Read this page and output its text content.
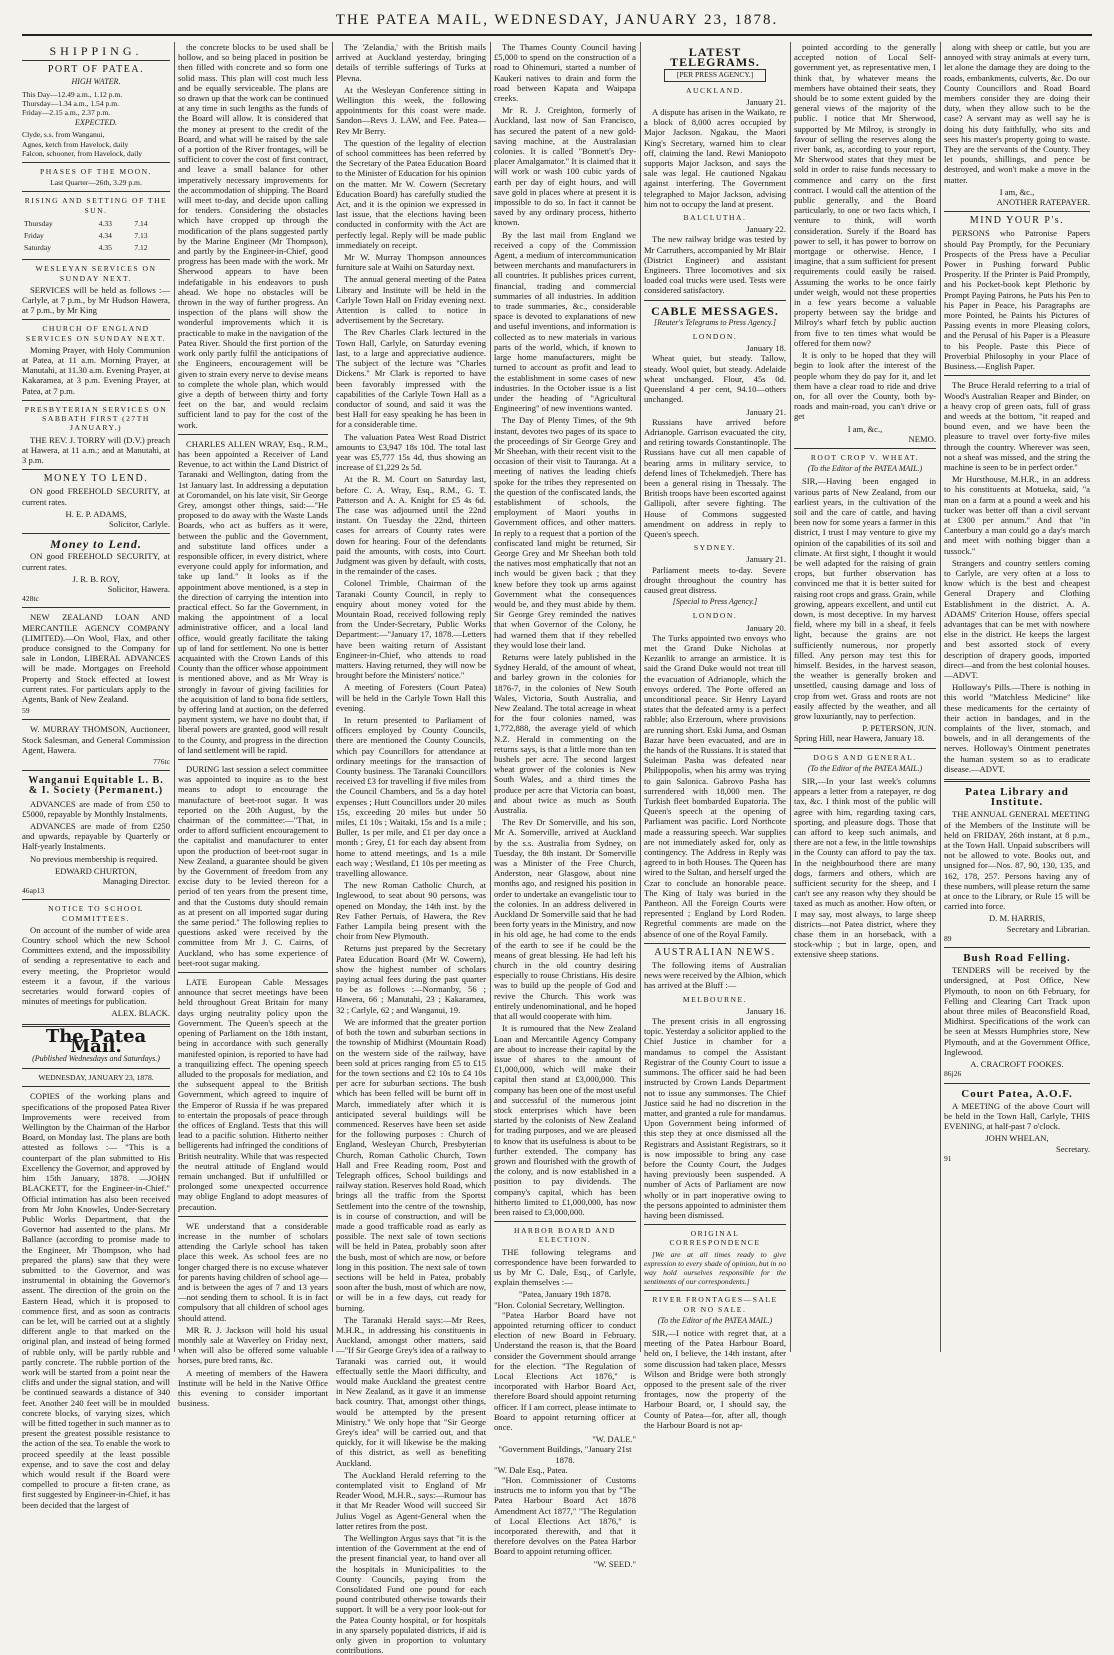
THE PATEA MAIL, WEDNESDAY, JANUARY 23, 1878.
SHIPPING.
PORT OF PATEA.
HIGH WATER.
This Day—12.49 a.m., 1.12 p.m.
Thursday—1.34 a.m., 1.54 p.m.
Friday—2.15 a.m., 2.37 p.m.
EXPECTED.
Clyde, s.s. from Wanganui,
Agnes, ketch from Havelock, daily
Falcon, schooner, from Havelock, daily
PHASES OF THE MOON.
Last Quarter—26th, 3.29 p.m.
RISING AND SETTING OF THE SUN.
Thursday	4.33	7.14
Friday	4.34	7.13
Saturday	4.35	7.12
WESLEYAN SERVICES ON SUNDAY NEXT.

SERVICES will be held as follows :— Carlyle, at 7 p.m., by Mr Hudson Hawera, at 7 p.m., by Mr King

CHURCH OF ENGLAND SERVICES ON SUNDAY NEXT.

Morning Prayer, with Holy Communion at Patea, at 11 a.m. Morning Prayer, at Manutahi, at 11.30 a.m. Evening Prayer, at Kakaramea, at 3 p.m. Evening Prayer, at Patea, at 7 p.m.

PRESBYTERIAN SERVICES ON SABBATH FIRST (27TH JANUARY.)

THE REV. J. TORRY will (D.V.) preach at Hawera, at 11 a.m.; and at Manutahi, at 3 p.m.

MONEY TO LEND.

ON good FREEHOLD SECURITY, at current rates.

H. E. P. ADAMS,
Solicitor, Carlyle.
Money to Lend.

ON good FREEHOLD SECURITY, at current rates.

J. R. B. ROY,
Solicitor, Hawera.
428tc

NEW ZEALAND LOAN AND MERCANTILE AGENCY COMPANY (LIMITED).—On Wool, Flax, and other produce consigned to the Company for sale in London, LIBERAL ADVANCES will be made. Mortgages on Freehold Property and Stock effected at lowest current rates. For particulars apply to the Agents, Bank of New Zealand.

59

W. MURRAY THOMSON, Auctioneer, Stock Salesman, and General Commission Agent, Hawera.

776tc
Wanganui Equitable L. B. & I. Society (Permanent.)

ADVANCES are made of from £50 to £5000, repayable by Monthly Instalments.

ADVANCES are made of from £250 and upwards, repayable by Quarterly or Half-yearly Instalments.

No previous membership is required.

EDWARD CHURTON,
Managing Director.
46ap13
NOTICE TO SCHOOL COMMITTEES.

On account of the number of wide area Country school which the new School Committees extend, and the impossibility of sending a representative to each and every meeting, the Proprietor would esteem it a favour, if the various secretaries would forward copies of minutes of meetings for publication.

ALEX. BLACK.
The Patea Mail.
(Published Wednesdays and Saturdays.)
WEDNESDAY, JANUARY 23, 1878.

COPIES of the working plans and specifications of the proposed Patea River Improvements were received from Wellington by the Chairman of the Harbor Board, on Monday last. The plans are both attested as follows :— "This is a counterpart of the plan submitted to His Excellency the Governor, and approved by him 15th January, 1878. —JOHN BLACKETT, for the Engineer-in-Chief." Official intimation has also been received from Mr John Knowles, Under-Secretary Public Works Department, that the Governor had assented to the plans. Mr Ballance (according to promise made to the Engineer, Mr Thompson, who had prepared the plans) saw that they were submitted to the Governor, and was instrumental in obtaining the Governor's assent. The direction of the groin on the Eastern Head, which it is proposed to commence first, and as soon as contracts can be let, will be carried out at a slightly different angle to that marked on the original plan, and instead of being formed of rubble only, will be partly rubble and partly concrete. The rubble portion of the work will be started from a point near the cliffs and under the signal station, and will be continued seawards a distance of 340 feet. Another 240 feet will be in moulded concrete blocks, of varying sizes, which will be fitted together in such manner as to present the greatest possible resistance to the action of the sea. To enable the work to proceed speedily at the least possible expense, and to save the cost and delay which would result if the Board were compelled to procure a fit-ten crane, as first suggested by Engineer-in-Chief, it has been decided that the largest of

the concrete blocks to be used shall be hollow, and so being placed in position be then filled with concrete and so form one solid mass. This plan will cost much less and be equally serviceable. The plans are so drawn up that the work can be continued at any time in such lengths as the funds of the Board will allow. It is considered that the money at present to the credit of the Board, and what will be raised by the sale of a portion of the River frontages, will be sufficient to cover the cost of first contract, and leave a small balance for other imperatively necessary improvements for the accommodation of shipping. The Board will meet to-day, and decide upon calling for tenders. Considering the obstacles which have cropped up through the modification of the plans suggested partly by the Marine Engineer (Mr Thompson), and partly by the Engineer-in-Chief, good progress has been made with the work. Mr Sherwood appears to have been indefatigable in his endeavors to push ahead. We hope no obstacles will be thrown in the way of further progress. An inspection of the plans will show the wonderful improvements which it is practicable to make in the navigation of the Patea River. Should the first portion of the work only partly fulfil the anticipations of the Engineers, encouragement will be given to strain every nerve to devise means to complete the whole plan, which would give a depth of between thirty and forty feet on the bar, and would reclaim sufficient land to pay for the cost of the work.

CHARLES ALLEN WRAY, Esq., R.M., has been appointed a Receiver of Land Revenue, to act within the Land District of Taranaki and Wellington, dating from the 1st January last. In addressing a deputation at Coromandel, on his late visit, Sir George Grey, amongst other things, said:—"He proposed to do away with the Waste Lands Boards, who act as buffers as it were, between the public and the Government, and substitute land offices under a responsible officer, in every district, where everyone could apply for information, and take up land." It looks as if the appointment above mentioned, is a step in the direction of carrying the intention into practical effect. So far the Government, in making the appointment of a local administrative officer, and a local land office, would greatly facilitate the taking up of land for settlement. No one is better acquainted with the Crown Lands of this County than the officer whose appointment is mentioned above, and as Mr Wray is strongly in favour of giving facilities for the acquisition of land to bona fide settlers, by offering land at auction, on the deferred payment system, we have no doubt that, if liberal powers are granted, good will result to the County, and progress in the direction of land settlement will be rapid.

DURING last session a select committee was appointed to inquire as to the best means to adopt to encourage the manufacture of beet-root sugar. It was reported on the 20th August, by the chairman of the committee:—"That, in order to afford sufficient encouragement to the capitalist and manufacturer to enter upon the production of beet-root sugar in New Zealand, a guarantee should be given by the Government of freedom from any excise duty to be levied thereon for a period of ten years from the present time, and that the Customs duty should remain as at present on all imported sugar during the same period." The following replies to questions asked were received by the committee from Mr J. C. Cairns, of Auckland, who has some experience of beet-root sugar making.

LATE European Cable Messages announce that secret meetings have been held throughout Great Britain for many days urging neutrality policy upon the Government. The Queen's speech at the opening of Parliament on the 18th instant, being in accordance with such generally manifested opinion, is reported to have had a tranquilizing effect. The opening speech alluded to the proposals for mediation, and the subsequent appeal to the British Government, which agreed to inquire of the Emperor of Russia if he was prepared to entertain the proposals of peace through the offices of England. Tests that this will lead to a pacific solution. Hitherto neither belligerents had infringed the conditions of British neutrality. While that was respected the neutral attitude of England would remain unchanged. But if unfulfilled or prolonged some unexpected occurrence may oblige England to adopt measures of precaution.

WE understand that a considerable increase in the number of scholars attending the Carlyle school has taken place this week. As school fees are no longer charged there is no excuse whatever for parents having children of school age—and is between the ages of 7 and 13 years—not sending them to school. It is in fact compulsory that all children of school ages should attend.

MR R. J. Jackson will hold his usual monthly sale at Waverley on Friday next, when will also be offered some valuable horses, pure bred rams, &c.

A meeting of members of the Hawera Institute will be held in the Native Office this evening to consider important business.

The 'Zelandia,' with the British mails arrived at Auckland yesterday, bringing details of terrible sufferings of Turks at Plevna.

At the Wesleyan Conference sitting in Wellington this week, the following appointments for this coast were made. Sandon—Revs J. LAW, and Fee. Patea—Rev Mr Berry.

The question of the legality of election of school committees has been referred by the Secretary of the Patea Education Board to the Minister of Education for his opinion on the matter. Mr W. Cowern (Secretary Education Board) has carefully studied the Act, and it is the opinion we expressed in last issue, that the elections having been conducted in conformity with the Act are perfectly legal. Reply will be made public immediately on receipt.

Mr W. Murray Thompson announces furniture sale at Waihi on Saturday next.

The annual general meeting of the Patea Library and Institute will be held in the Carlyle Town Hall on Friday evening next. Attention is called to notice in advertisement by the Secretary.

The Rev Charles Clark lectured in the Town Hall, Carlyle, on Saturday evening last, to a large and appreciative audience. The subject of the lecture was "Charles Dickens." Mr Clark is reported to have been favorably impressed with the capabilities of the Carlyle Town Hall as a conductor of sound, and said it was the best Hall for easy speaking he has been in for a considerable time.

The valuation Patea West Road District amounts to £3,947 18s 10d. The total last year was £5,777 15s 4d, thus showing an increase of £1,229 2s 5d.

At the R. M. Court on Saturday last, before C. A. Wray, Esq., R.M., G. T. Patterson and A. A. Knight for £5 4s 6d. The case was adjourned until the 22nd instant. On Tuesday the 22nd, thirteen cases for arrears of County rates were down for hearing. Four of the defendants paid the amounts, with costs, into Court. Judgment was given by default, with costs, in the remainder of the cases.

Colonel Trimble, Chairman of the Taranaki County Council, in reply to enquiry about money voted for the Mountain Road, received following reply from the Under-Secretary, Public Works Department:—"January 17, 1878.—Letters have been waiting return of Assistant Engineer-in-Chief, who attends to road matters. Having returned, they will now be brought before the Ministers' notice."

A meeting of Foresters (Court Patea) will be held in the Carlyle Town Hall this evening.

In return presented to Parliament of officers employed by County Councils, there are mentioned the County Councils, which pay Councillors for attendance at ordinary meetings for the transaction of County business. The Taranaki Councillors received £3 for travelling if five miles from the Council Chambers, and 5s a day hotel expenses ; Hutt Councillors under 20 miles 15s, exceeding 20 miles but under 50 miles, £1 10s ; Waitaki, 15s and 1s a mile ; Buller, 1s per mile, and £1 per day once a month ; Grey, £1 for each day absent from home to attend meetings, and 1s a mile each way ; Westland, £1 10s per meeting as travelling allowance.

The new Roman Catholic Church, at Inglewood, to seat about 90 persons, was opened on Monday, the 14th inst. by the Rev Father Pertuis, of Hawera, the Rev Father Lampila being present with the choir from New Plymouth.

Returns just prepared by the Secretary Patea Education Board (Mr W. Cowern), show the highest number of scholars paying actual fees during the past quarter to be as follows :—Normanby, 56 ; Hawera, 66 ; Manutahi, 23 ; Kakaramea, 32 ; Carlyle, 62 ; and Wanganui, 19.

We are informed that the greater portion of both the town and suburban sections in the township of Midhirst (Mountain Road) on the western side of the railway, have been sold at prices ranging from £5 to £15 for the town sections and £2 10s to £4 10s per acre for suburban sections. The bush which has been felled will be burnt off in March, immediately after which it is anticipated several buildings will be commenced. Reserves have been set aside for the following purposes : Church of England, Wesleyan Church, Presbyterian Church, Roman Catholic Church, Town Hall and Free Reading room, Post and Telegraph offices, School buildings and railway station. Reserves hold Road, which brings all the traffic from the Sportst Settlement into the centre of the township, is in course of construction, and will be made a good trafficable road as early as possible. The next sale of town sections will be held in Patea, probably soon after the bush, most of which are now, or before long in this position. The next sale of town sections will be held in Patea, probably soon after the bush, most of which are now, or will be in a few days, cut ready for burning.

The Taranaki Herald says:—Mr Rees, M.H.R., in addressing his constituents in Auckland, amongst other matters, said—"If Sir George Grey's idea of a railway to Taranaki was carried out, it would effectually settle the Maori difficulty, and would make Auckland the greatest centre in New Zealand, as it gave it an immense back country. That, amongst other things, would be attempted by the present Ministry." We only hope that "Sir George Grey's idea" will be carried out, and that quickly, for it will likewise be the making of this district, as well as benefiting Auckland.

The Auckland Herald referring to the contemplated visit to England of Mr Reader Wood, M.H.R., says:—Rumour has it that Mr Reader Wood will succeed Sir Julius Vogel as Agent-General when the latter retires from the post.

The Wellington Argus says that "it is the intention of the Government at the end of the present financial year, to hand over all the hospitals in Municipalities to the County Councils, paying from the Consolidated Fund one pound for each pound contributed otherwise towards their support. It will be a very poor look-out for the Patea County hospital, or for hospitals in any sparsely populated districts, if aid is only given in proportion to voluntary contributions.

The Thames County Council having £5,000 to spend on the construction of a road to Ohinemuri, started a number of Kaukeri natives to drain and form the road between Kapata and Waipapa creeks.

Mr R. J. Creighton, formerly of Auckland, last now of San Francisco, has secured the patent of a new gold-saving machine, at the Australasian colonies. It is called "Bonnett's Dry-placer Amalgamator." It is claimed that it will work or wash 100 cubic yards of earth per day of eight hours, and will save gold in places where at present it is impossible to do so. In fact it cannot be saved by any ordinary process, hitherto known.

By the last mail from England we received a copy of the Commission Agent, a medium of intercommunication between merchants and manufacturers in all countries. It publishes prices current, financial, trading and commercial summaries of all industries. In addition to trade summaries, &c., considerable space is devoted to explanations of new and useful inventions, and information is collected as to new materials in various parts of the world, which, if known to large home manufacturers, might be turned to account as profit and lead to the establishment in some cases of new industries. In the October issue is a list under the heading of "Agricultural Engineering" of new inventions wanted.

The Day of Plenty Times, of the 9th instant, devotes two pages of its space to the proceedings of Sir George Grey and Mr Sheehan, with their recent visit to the occasion of their visit to Tauranga. At a meeting of natives the leading chiefs spoke for the tribes they represented on the question of the confiscated lands, the establishment of schools, the employment of Maori youths in Government offices, and other matters. In reply to a request that a portion of the confiscated land might be returned, Sir George Grey and Mr Sheehan both told the natives most emphatically that not an inch would be given back ; that they knew before they took up arms against Government what the consequences would be, and they must abide by them. Sir George Grey reminded the natives that when Governor of the Colony, he had warned them that if they rebelled they would lose their land.

Returns were lately published in the Sydney Herald, of the amount of wheat, and barley grown in the colonies for 1876-7, in the colonies of New South Wales, Victoria, South Australia, and New Zealand. The total acreage in wheat for the four colonies named, was 1,772,888, the average yield of which N.Z. Herald in commenting on the returns says, is that a little more than ten bushels per acre. The second largest wheat grower of the colonies is New South Wales, and a third times the produce per acre that Victoria can boast, and about twice as much as South Australia.

The Rev Dr Somerville, and his son, Mr A. Somerville, arrived at Auckland by the s.s. Australia from Sydney, on Tuesday, the 8th instant. Dr Somerville was a Minister of the Free Church, Anderston, near Glasgow, about nine months ago, and resigned his position in order to undertake an evangelistic tour to the colonies. In an address delivered in Auckland Dr Somerville said that he had been forty years in the Ministry, and now in his old age, he had come to the ends of the earth to see if he could be the means of great blessing. He had left his church in the old country desiring especially to rouse Christians. His desire was to build up the people of God and revive the Church. This work was entirely undenominational, and he hoped that all would cooperate with him.

It is rumoured that the New Zealand Loan and Mercantile Agency Company are about to increase their capital by the issue of shares to the amount of £1,000,000, which will make their capital then stand at £3,000,000. This company has been one of the most useful and successful of the numerous joint stock enterprises which have been started by the colonists of New Zealand for trading purposes, and we are pleased to know that its usefulness is about to be further extended. The company has grown and flourished with the growth of the colony, and is now established in a position to pay dividends. The company's capital, which has been hitherto limited to £1,000,000, has now been raised to £3,000,000.

HARBOR BOARD AND ELECTION.

THE following telegrams and correspondence have been forwarded to us by Mr C. Dale, Esq., of Carlyle, explain themselves :—

"Patea, January 19th 1878.
"Hon. Colonial Secretary, Wellington.

"Patea Harbor Board have not appointed returning officer to conduct election of new Board in February. Understand the reason is, that the Board consider the Government should arrange for the election. "The Regulation of Local Elections Act 1876," is incorporated with Harbor Board Act, therefore Board should appoint returning officer. If I am correct, please intimate to Board to appoint returning officer at once.

"W. DALE."
"Government Buildings, "January 21st 1878.
"W. Dale Esq., Patea.

"Hon. Commissioner of Customs instructs me to inform you that by "The Patea Harbour Board Act 1878 Amendment Act 1877," "The Regulation of Local Elections Act 1876," is incorporated therewith, and that it therefore devolves on the Patea Harbor Board to appoint returning officer.

"W. SEED."
LATEST TELEGRAMS.
[PER PRESS AGENCY.]
AUCKLAND.
January 21.

A dispute has arisen in the Waikato, re a block of 8,000 acres occupied by Major Jackson. Ngakau, the Maori King's Secretary, warned him to clear off, claiming the land. Rewi Maniopoto supports Major Jackson, and says the sale was legal. He cautioned Ngakau against interfering. The Government telegraphed to Major Jackson, advising him not to occupy the land at present.

BALCLUTHA.
January 22.

The new railway bridge was tested by Mr Carruthers, accompanied by Mr Blair (District Engineer) and assistant Engineers. Three locomotives and six loaded coal trucks were used. Tests were considered satisfactory.

CABLE MESSAGES.
[Reuter's Telegrams to Press Agency.]
LONDON.
January 18.

Wheat quiet, but steady. Tallow, steady. Wool quiet, but steady. Adelaide wheat unchanged. Flour, 45s 0d. Queensland 4 per cent, 94.10—others unchanged.

January 21.

Russians have arrived before Adrianople. Garrison evacuated the city, and retiring towards Constantinople. The Russians have cut all men capable of bearing arms in military service, to defend lines of Tchekmedjeh. There has been a general rising in Thessaly. The British troops have been escorted against Gallipoli, after severe fighting. The House of Commons suggested amendment on address in reply to Queen's speech.

SYDNEY.
January 21.

Parliament meets to-day. Severe drought throughout the country has caused great distress.

[Special to Press Agency.]
LONDON.
January 20.

The Turks appointed two envoys who met the Grand Duke Nicholas at Kezanlik to arrange an armistice. It is said the Grand Duke would not treat till the evacuation of Adrianople, which the envoys ordered. The Porte offered an unconditional peace. Sir Henry Layard states that the defeated army is a perfect rabble; also Erzeroum, where provisions are running short. Eski Juma, and Osman Bazar have been evacuated, and are in the hands of the Russians. It is stated that Suleiman Pasha was defeated near Philippopolis, when his army was trying to gain Salonica. Gabrovo Pasha has surrendered with 18,000 men. The Turkish fleet bombarded Eupatoria. The Queen's speech at the opening of Parliament was pacific. Lord Northcote made a reassuring speech. War supplies are not immediately asked for, only as contingency. The Address in Reply was agreed to in both Houses. The Queen has wired to the Sultan, and herself urged the Czar to conclude an honorable peace. The King of Italy was buried in the Pantheon. All the Foreign Courts were represented ; England by Lord Roden. Regretful comments are made on the absence of one of the Royal Family.

AUSTRALIAN NEWS.

The following items of Australian news were received by the Albion, which has arrived at the Bluff :—

MELBOURNE.
January 16.

The present crisis in all engrossing topic. Yesterday a solicitor applied to the Chief Justice in chamber for a mandamus to compel the Assistant Registrar of the County Court to issue a summons. The officer said he had been instructed by Crown Lands Department not to issue any summonses. The Chief Justice said he had no discretion in the matter, and granted a rule for mandamus. Upon Government being informed of this step they at once dismissed all the Registrars and Assistant Registrars, so it is now impossible to bring any case before the County Court, the Judges having previously been suspended. A number of Acts of Parliament are now wholly or in part inoperative owing to the persons appointed to administer them having been dismissed.

ORIGINAL CORRESPONDENCE

[We are at all times ready to give expression to every shade of opinion, but in no way hold ourselves responsible for the sentiments of our correspondents.]

RIVER FRONTAGES—SALE OR NO SALE.
(To the Editor of the PATEA MAIL.)

SIR,—I notice with regret that, at a meeting of the Patea Harbour Board, held on, I believe, the 14th instant, after some discussion had taken place, Messrs Wilson and Bridge were both strongly opposed to the present sale of the river frontages, now the property of the Harbour Board, or, I should say, the County of Patea—for, after all, though the Harbour Board is not ap-

pointed according to the generally accepted notion of Local Self-government yet, as representative men, I think that, by whatever means the members have obtained their seats, they should be to some extent guided by the general views of the majority of the public. I notice that Mr Sherwood, supported by Mr Milroy, is strongly in favour of selling the reserves along the river bank, as, according to your report, Mr Sherwood states that they must be sold in order to raise funds necessary to commence and carry on the first contract. I would call the attention of the public generally, and the Board particularly, to one or two facts which, I venture to think, will worth consideration. Surely if the Board has power to sell, it has power to borrow on mortgage or otherwise. Hence, I imagine, that a sum sufficient for present requirements could easily be raised. Assuming the works to be once fairly under weigh, would not these properties in a few years become a valuable property between say the bridge and Milroy's wharf fetch by public auction from five to ten times what would be offered for them now?

It is only to be hoped that they will begin to look after the interest of the people whom they do pay for it, and let them have a clear road to ride and drive on, for all over the County, both by-roads and main-road, you can't drive or get

I am, &c.,
NEMO.
ROOT CROP V. WHEAT.
(To the Editor of the PATEA MAIL.)

SIR,—Having been engaged in various parts of New Zealand, from our earliest years, in the cultivation of the soil and the care of cattle, and having been now for some years a farmer in this district, I trust I may venture to give my opinion of the capabilities of its soil and climate. At first sight, I thought it would be well adapted for the raising of grain crops, but further observation has convinced me that it is better suited for raising root crops and grass. Grain, while growing, appears excellent, and until cut down, is most deceptive. In my harvest field, where my bill in a sheaf, it feels light, because the grains are not sufficiently numerous, nor properly filled. Any person may test this for himself. Besides, in the harvest season, the weather is generally broken and unsettled, causing damage and loss of crop from wet. Grass and roots are not easily affected by the weather, and all grow luxuriantly, nay to perfection.

P. PETERSON, JUN.
Spring Hill, near Hawera, January 18.
DOGS AND GENERAL.
(To the Editor of the PATEA MAIL.)

SIR,—In your last week's columns appears a letter from a ratepayer, re dog tax, &c. I think most of the public will agree with him, regarding taxing cars, sporting, and pleasure dogs. Those that can afford to keep such animals, and there are not a few, in the little townships in the County can afford to pay the tax. In the neighbourhood there are many dogs, farmers and others, which are sufficient security for the sheep, and I can't see any reason why they should be taxed as much as another. How often, or I may say, most always, to large sheep districts—not Patea district, where they chase them in an horseback, with a stock-whip ; but in large, open, and extensive sheep stations.

along with sheep or cattle, but you are annoyed with stray animals at every turn, let alone the damage they are doing to the roads, embankments, culverts, &c. Do our County Councillors and Road Board members consider they are doing their duty, when they allow such to be the case? A servant may as well say he is doing his duty faithfully, who sits and sees his master's property going to waste. They are the servants of the County. They let pounds, shillings, and pence be destroyed, and won't make a move in the matter.

I am, &c.,
ANOTHER RATEPAYER.
MIND YOUR P's.

PERSONS who Patronise Papers should Pay Promptly, for the Pecuniary Prospects of the Press have a Peculiar Power in Pushing forward Public Prosperity. If the Printer is Paid Promptly, and his Pocket-book kept Plethoric by Prompt Paying Patrons, he Puts his Pen to his Paper in Peace, his Paragraphs are more Pointed, he Paints his Pictures of Passing events in more Pleasing colors, and the Perusal of his Paper is a Pleasure to his People. Paste this Piece of Proverbial Philosophy in your Place of Business.—English Paper.

The Bruce Herald referring to a trial of Wood's Australian Reaper and Binder, on a heavy crop of green oats, full of grass and weeds at the bottom, "it reaped and bound even, and we have been the pleasure to travel over forty-five miles through the country. Wherever was seen, not a sheaf was missed, and the string the machine is seen to be in perfect order."

Mr Hursthouse, M.H.R., in an address to his constituents at Motueka, said, "a man on a farm at a pound a week and his tucker was better off than a civil servant at £300 per annum." And that "in Canterbury a man could go a day's march and meet with nothing bigger than a tussock."

Strangers and country settlers coming to Carlyle, are very often at a loss to know which is the best and cheapest General Drapery and Clothing Establishment in the district. A. A. ADAMS' Criterion House, offers special advantages that can be met with nowhere else in the district. He keeps the largest and best assorted stock of every description of drapery goods, imported direct—and from the best colonial houses.—ADVT.

Holloway's Pills.—There is nothing in this world "Matchless Medicine" like these medicaments for the certainty of their action in bandages, and in the complaints of the liver, stomach, and bowels, and in all derangements of the nerves. Holloway's Ointment penetrates the human system so as to eradicate disease.—ADVT.

Patea Library and Institute.

THE ANNUAL GENERAL MEETING of the Members of the Institute will be held on FRIDAY, 26th instant, at 8 p.m., at the Town Hall. Unpaid subscribers will not be allowed to vote. Books out, and unsigned for—Nos. 87, 90, 130, 135, and 162, 178, 257. Persons having any of these numbers, will please return the same at once to the Library, or Rule 15 will be carried into force.

D. M. HARRIS,
Secretary and Librarian.
89
Bush Road Felling.

TENDERS will be received by the undersigned, at Post Office, New Plymouth, to noon on 6th February, for Felling and Clearing Cart Track upon about three miles of Beaconsfield Road, Midhirst. Specifications of the work can be seen at Messrs Humphries store, New Plymouth, and at the Government Office, Inglewood.

A. CRACROFT FOOKES.
86j26
Court Patea, A.O.F.

A MEETING of the above Court will be held in the Town Hall, Carlyle, THIS EVENING, at half-past 7 o'clock.

JOHN WHELAN,
Secretary.
91
